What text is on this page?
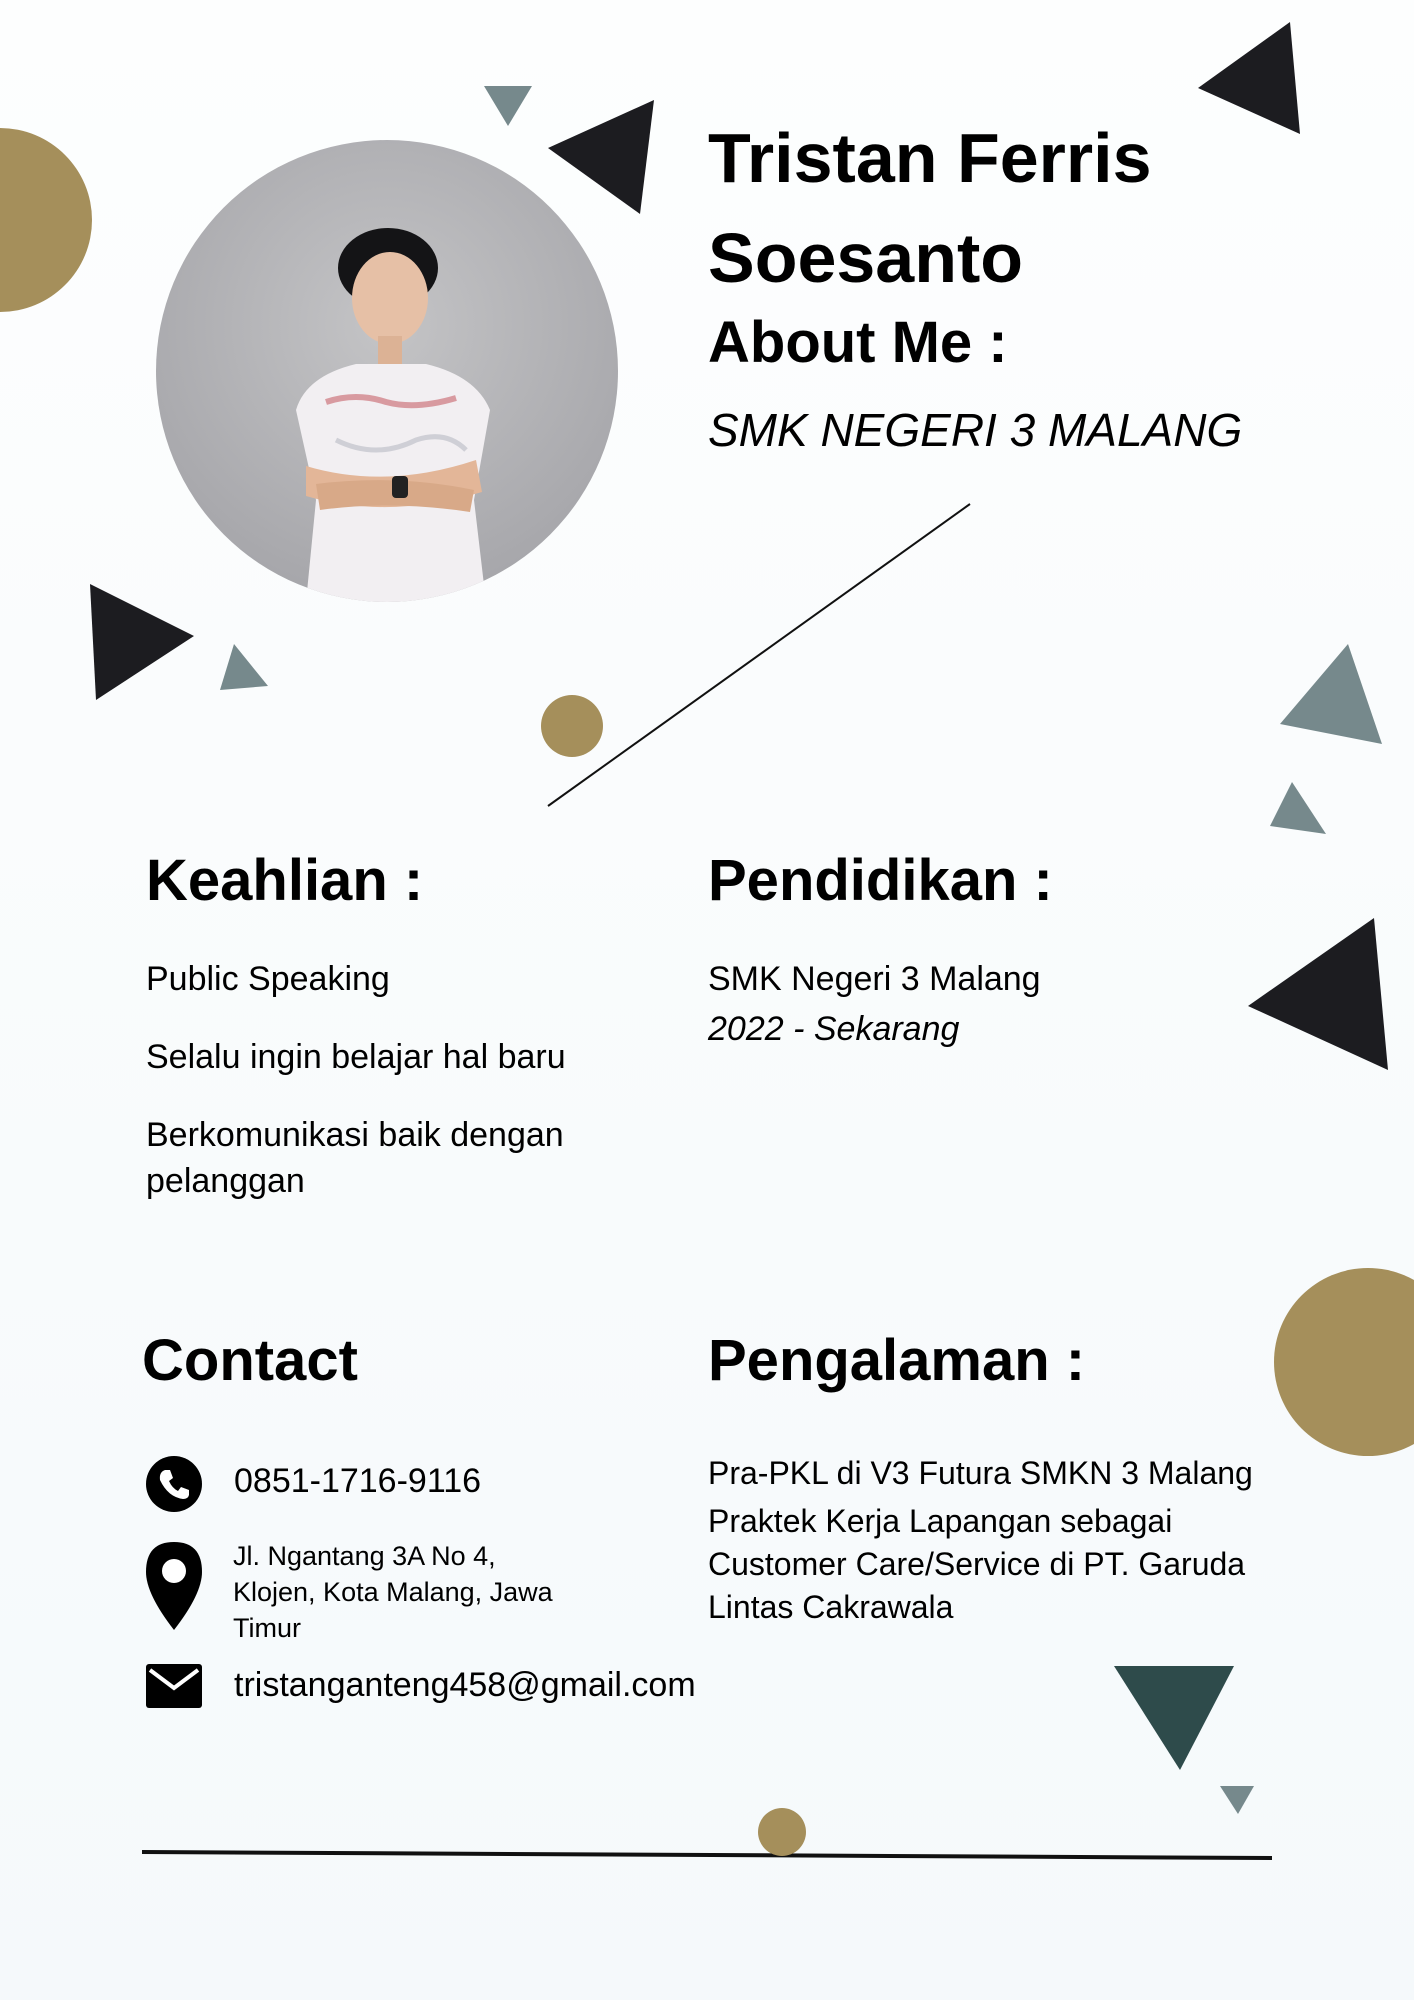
Tristan Ferris
Soesanto
About Me :
SMK NEGERI 3 MALANG
Keahlian :
Public Speaking
Selalu ingin belajar hal baru
Berkomunikasi baik dengan
pelanggan
Pendidikan :
SMK Negeri 3 Malang
2022 - Sekarang
Contact
0851-1716-9116
Jl. Ngantang 3A No 4,
Klojen, Kota Malang, Jawa
Timur
tristanganteng458@gmail.com
Pengalaman :
Pra-PKL di V3 Futura SMKN 3 Malang
Praktek Kerja Lapangan sebagai
Customer Care/Service di PT. Garuda
Lintas Cakrawala
